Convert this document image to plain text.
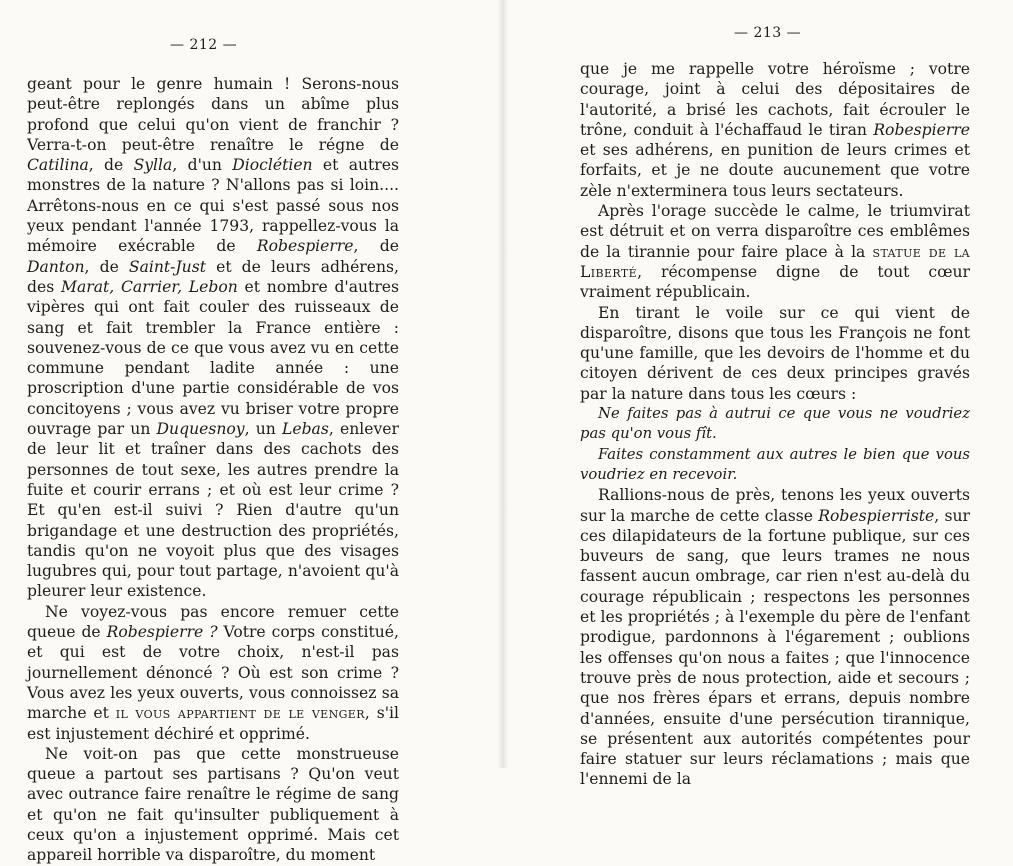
— 212 —

geant pour le genre humain ! Serons-nous peut-être replongés dans un abîme plus profond que celui qu'on vient de franchir ? Verra-t-on peut-être renaître le régne de Catilina, de Sylla, d'un Dioclétien et autres monstres de la nature ? N'allons pas si loin.... Arrêtons-nous en ce qui s'est passé sous nos yeux pendant l'année 1793, rappellez-vous la mémoire exécrable de Robespierre, de Danton, de Saint-Just et de leurs adhérens, des Marat, Carrier, Lebon et nombre d'autres vipères qui ont fait couler des ruisseaux de sang et fait trembler la France entière : souvenez-vous de ce que vous avez vu en cette commune pendant ladite année : une proscription d'une partie considérable de vos concitoyens ; vous avez vu briser votre propre ouvrage par un Duquesnoy, un Lebas, enlever de leur lit et traîner dans des cachots des personnes de tout sexe, les autres prendre la fuite et courir errans ; et où est leur crime ? Et qu'en est-il suivi ? Rien d'autre qu'un brigandage et une destruction des propriétés, tandis qu'on ne voyoit plus que des visages lugubres qui, pour tout partage, n'avoient qu'à pleurer leur existence.

Ne voyez-vous pas encore remuer cette queue de Robespierre ? Votre corps constitué, et qui est de votre choix, n'est-il pas journellement dénoncé ? Où est son crime ? Vous avez les yeux ouverts, vous connoissez sa marche et il vous appartient de le venger, s'il est injustement déchiré et opprimé.

Ne voit-on pas que cette monstrueuse queue a partout ses partisans ? Qu'on veut avec outrance faire renaître le régime de sang et qu'on ne fait qu'insulter publiquement à ceux qu'on a injustement opprimé. Mais cet appareil horrible va disparoître, du moment

— 213 —

que je me rappelle votre héroïsme ; votre courage, joint à celui des dépositaires de l'autorité, a brisé les cachots, fait écrouler le trône, conduit à l'échaffaud le tiran Robespierre et ses adhérens, en punition de leurs crimes et forfaits, et je ne doute aucunement que votre zèle n'exterminera tous leurs sectateurs.

Après l'orage succède le calme, le triumvirat est détruit et on verra disparoître ces emblêmes de la tirannie pour faire place à la statue de la Liberté, récompense digne de tout cœur vraiment républicain.

En tirant le voile sur ce qui vient de disparoître, disons que tous les François ne font qu'une famille, que les devoirs de l'homme et du citoyen dérivent de ces deux principes gravés par la nature dans tous les cœurs :

Ne faites pas à autrui ce que vous ne voudriez pas qu'on vous fît.

Faites constamment aux autres le bien que vous voudriez en recevoir.

Rallions-nous de près, tenons les yeux ouverts sur la marche de cette classe Robespierriste, sur ces dilapidateurs de la fortune publique, sur ces buveurs de sang, que leurs trames ne nous fassent aucun ombrage, car rien n'est au-delà du courage républicain ; respectons les personnes et les propriétés ; à l'exemple du père de l'enfant prodigue, pardonnons à l'égarement ; oublions les offenses qu'on nous a faites ; que l'innocence trouve près de nous protection, aide et secours ; que nos frères épars et errans, depuis nombre d'années, ensuite d'une persécution tirannique, se présentent aux autorités compétentes pour faire statuer sur leurs réclamations ; mais que l'ennemi de la
